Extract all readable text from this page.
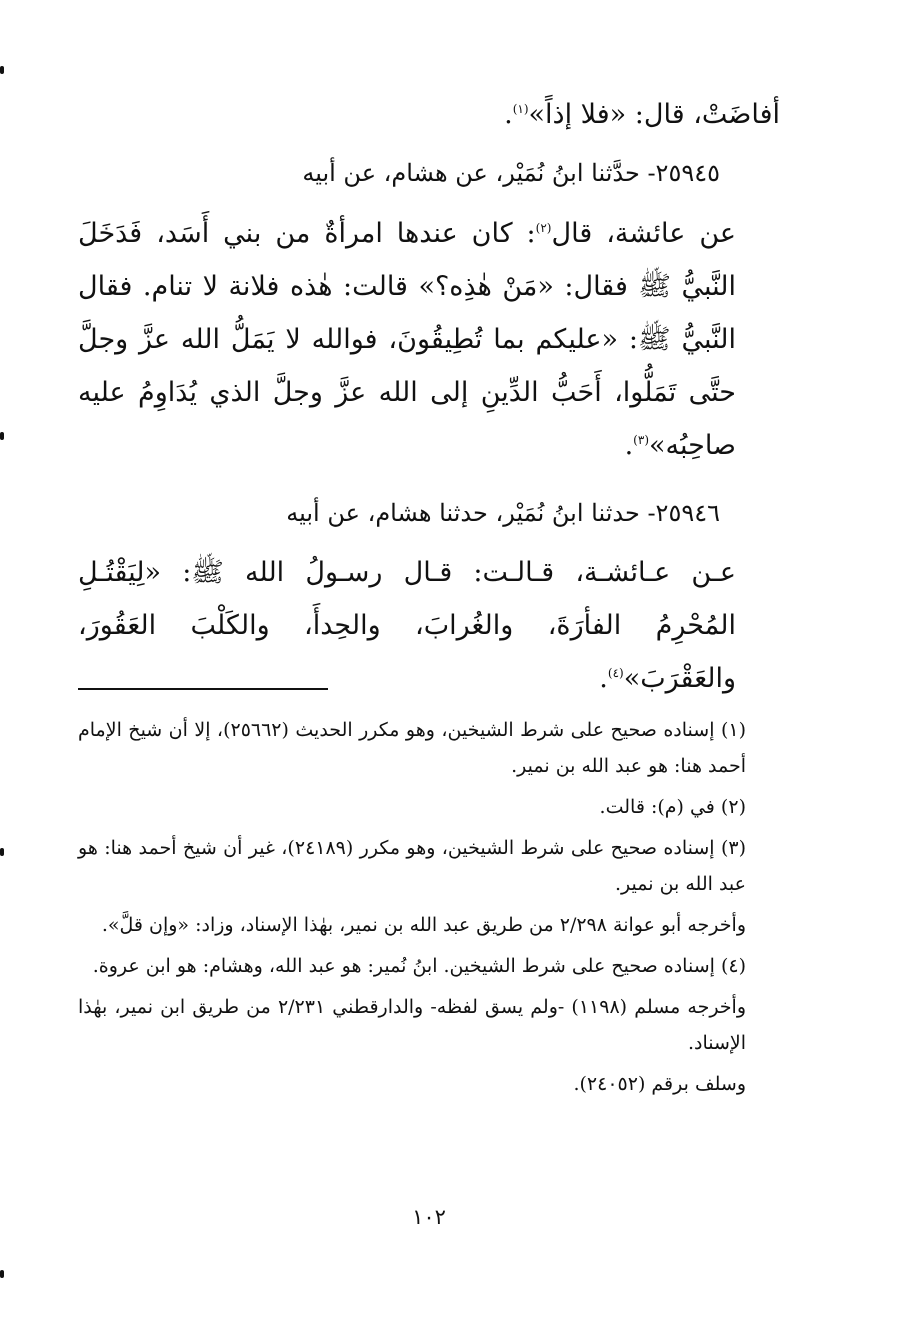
أفاضَتْ، قال: «فلا إذاً»$^{(١)}$.

٢٥٩٤٥- حدَّثنا ابنُ نُمَيْر، عن هشام، عن أبيه

عن عائشة، قال$^{(٢)}$: كان عندها امرأةٌ من بني أَسَد، فَدَخَلَ النَّبيُّ ﷺ فقال: «مَنْ هٰذِه؟» قالت: هٰذه فلانة لا تنام. فقال النَّبيُّ ﷺ: «عليكم بما تُطِيقُونَ، فوالله لا يَمَلُّ الله عزَّ وجلَّ حتَّى تَمَلُّوا، أَحَبُّ الدِّينِ إلى الله عزَّ وجلَّ الذي يُدَاوِمُ عليه صاحِبُه»$^{(٣)}$.

٢٥٩٤٦- حدثنا ابنُ نُمَيْر، حدثنا هشام، عن أبيه

عـن عـائشـة، قـالـت: قـال رسـولُ الله ﷺ: «لِيَقْتُـلِ المُحْرِمُ الفأرَةَ، والغُرابَ، والحِدأَ، والكَلْبَ العَقُورَ، والعَقْرَبَ»$^{(٤)}$.

(١) إسناده صحيح على شرط الشيخين، وهو مكرر الحديث (٢٥٦٦٢)، إلا أن شيخ الإمام أحمد هنا: هو عبد الله بن نمير.

(٢) في (م): قالت.

(٣) إسناده صحيح على شرط الشيخين، وهو مكرر (٢٤١٨٩)، غير أن شيخ أحمد هنا: هو عبد الله بن نمير.

وأخرجه أبو عوانة ٢/٢٩٨ من طريق عبد الله بن نمير، بهٰذا الإسناد، وزاد: «وإن قلَّ».

(٤) إسناده صحيح على شرط الشيخين. ابنُ نُمير: هو عبد الله، وهشام: هو ابن عروة.

وأخرجه مسلم (١١٩٨) -ولم يسق لفظه- والدارقطني ٢/٢٣١ من طريق ابن نمير، بهٰذا الإسناد.

وسلف برقم (٢٤٠٥٢).

١٠٢
